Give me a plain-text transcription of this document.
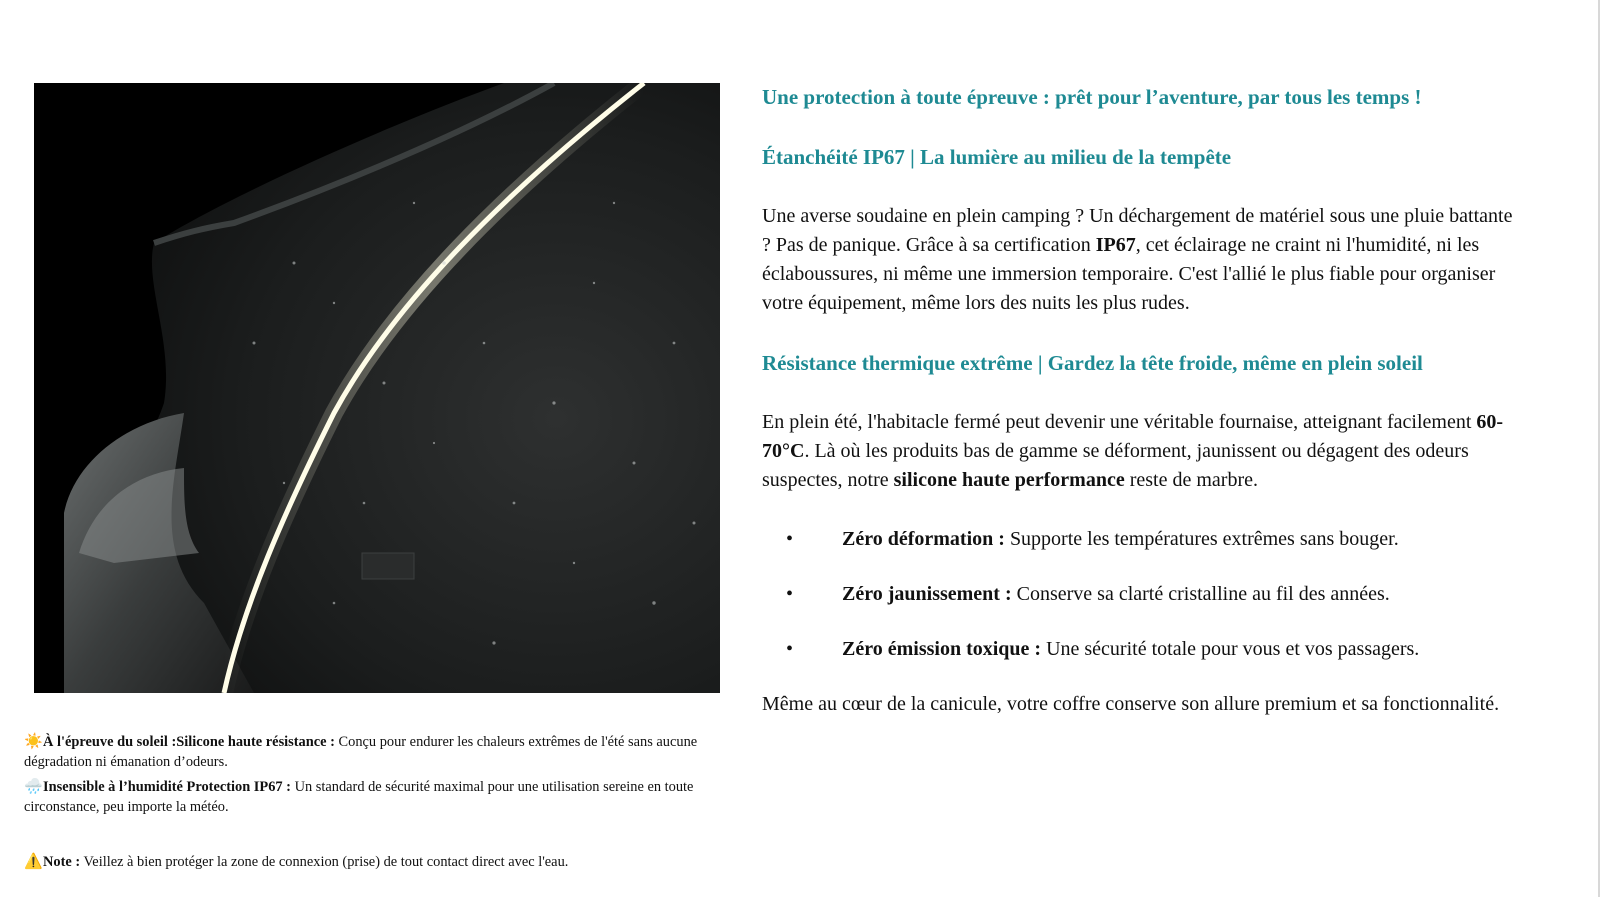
☀️À l'épreuve du soleil :Silicone haute résistance : Conçu pour endurer les chaleurs extrêmes de l'été sans aucune dégradation ni émanation d’odeurs.

🌧️Insensible à l’humidité Protection IP67 : Un standard de sécurité maximal pour une utilisation sereine en toute circonstance, peu importe la météo.

⚠️Note : Veillez à bien protéger la zone de connexion (prise) de tout contact direct avec l'eau.

Une protection à toute épreuve : prêt pour l’aventure, par tous les temps !
Étanchéité IP67 | La lumière au milieu de la tempête

Une averse soudaine en plein camping ? Un déchargement de matériel sous une pluie battante ? Pas de panique. Grâce à sa certification IP67, cet éclairage ne craint ni l'humidité, ni les éclaboussures, ni même une immersion temporaire. C'est l'allié le plus fiable pour organiser votre équipement, même lors des nuits les plus rudes.

Résistance thermique extrême | Gardez la tête froide, même en plein soleil

En plein été, l'habitacle fermé peut devenir une véritable fournaise, atteignant facilement 60-70°C. Là où les produits bas de gamme se déforment, jaunissent ou dégagent des odeurs suspectes, notre silicone haute performance reste de marbre.

• Zéro déformation : Supporte les températures extrêmes sans bouger.
• Zéro jaunissement : Conserve sa clarté cristalline au fil des années.
• Zéro émission toxique : Une sécurité totale pour vous et vos passagers.

Même au cœur de la canicule, votre coffre conserve son allure premium et sa fonctionnalité.
